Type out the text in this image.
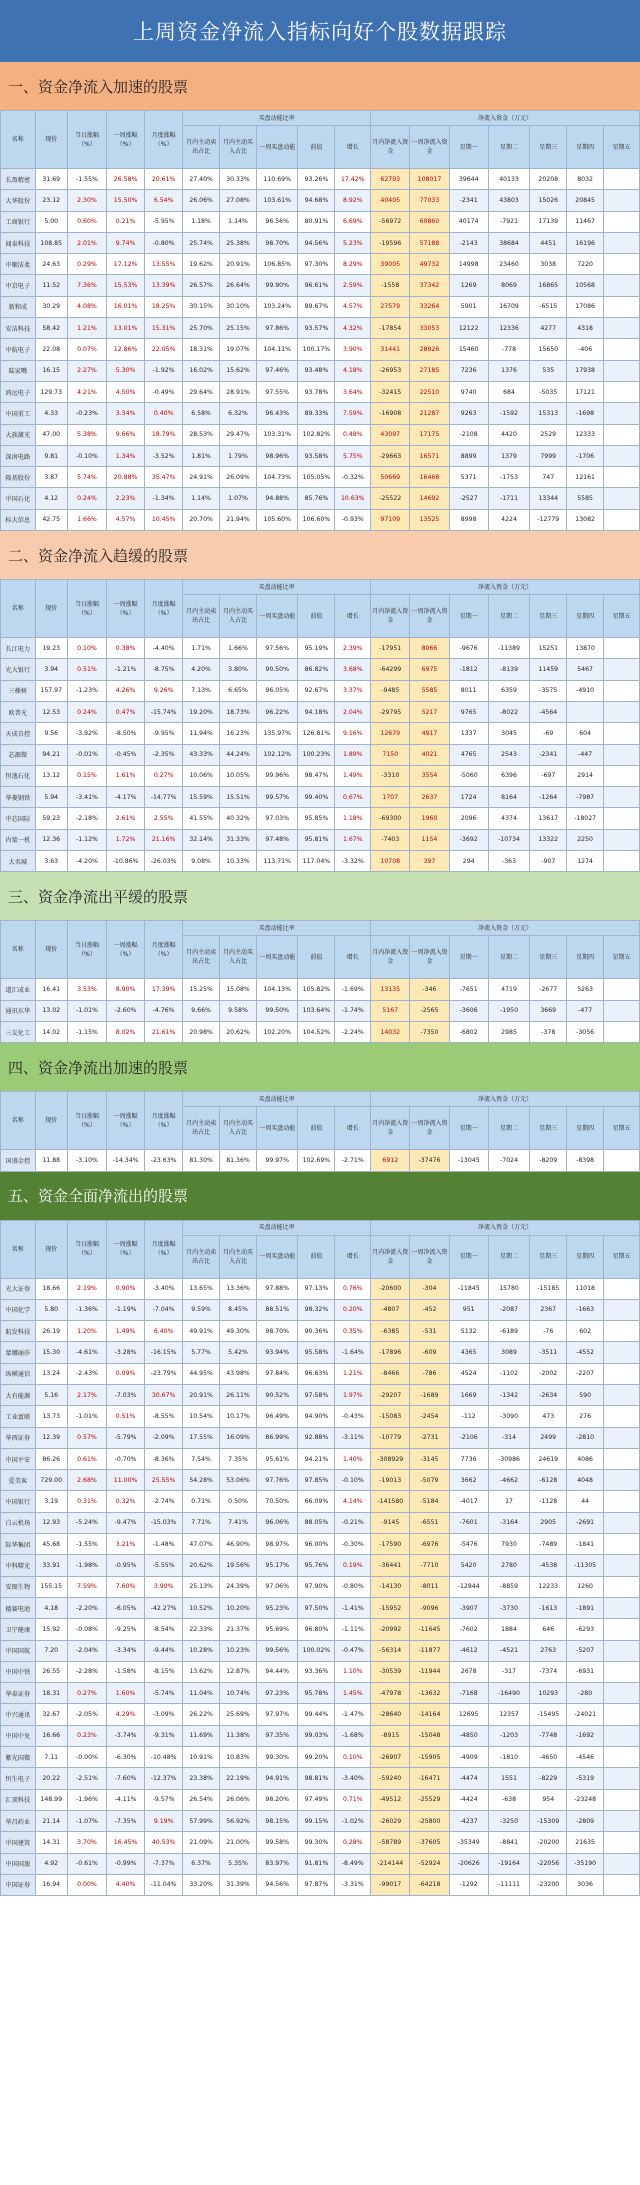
上周资金净流入指标向好个股数据跟踪
一、资金净流入加速的股票
名称	现价	当日涨幅（%）	一周涨幅（%）	月度涨幅（%）	买盘动能比率					净流入资金（万元）						
					月内主动卖出占比	月内主动买入占比	一周买盘动能	前值	增长	月内净流入资金	一周净流入资金	星期一	星期二	星期三	星期四	星期五
长盈精密	31.69	-1.55%	26.58%	20.61%	27.40%	30.33%	110.69%	93.26%	17.42%	62793	108017	39644	40133	20208	8032	
大华股份	23.12	2.30%	15.50%	6.54%	26.06%	27.08%	103.61%	94.68%	8.92%	40405	77033	-2341	43803	15026	20845	
工商银行	5.00	0.60%	0.21%	-5.95%	1.18%	1.14%	96.56%	80.91%	6.69%	-56972	60860	40174	-7921	17139	11467	
闻泰科技	108.85	2.01%	9.74%	-0.80%	25.74%	25.38%	98.70%	94.56%	5.23%	-19596	57188	-2143	38684	4451	16196	
中顺洁柔	24.63	0.29%	17.12%	13.55%	19.62%	20.91%	106.85%	97.30%	8.29%	39005	49732	14998	23460	3038	7220	
中京电子	11.52	7.36%	15.53%	13.39%	26.57%	26.64%	99.90%	96.61%	2.59%	-1558	37342	1269	8069	16865	10568	
新和成	30.29	4.08%	16.01%	18.25%	30.15%	30.10%	103.24%	89.67%	4.57%	27579	33264	5901	16709	-6515	17086	
安洁科技	58.42	1.21%	13.01%	15.31%	25.70%	25.15%	97.86%	93.57%	4.32%	-17854	33053	12122	12336	4277	4318	
中航电子	22.08	0.07%	12.86%	22.05%	18.31%	19.07%	104.11%	100.17%	3.90%	31441	28926	15460	-778	15650	-406	
陆家嘴	16.15	2.27%	5.30%	-1.92%	16.02%	15.62%	97.46%	93.48%	4.18%	-26953	27185	7236	1376	535	17938	
鸿远电子	129.73	4.21%	4.50%	-0.49%	29.64%	28.91%	97.55%	93.78%	3.64%	-32415	22510	9740	684	-5035	17121	
中国重工	4.33	-0.23%	3.34%	0.40%	6.58%	6.32%	96.43%	89.33%	7.59%	-16908	21287	9263	-1592	15313	-1698	
大族激光	47.00	5.38%	9.66%	18.79%	28.53%	29.47%	103.31%	102.82%	0.48%	43097	17175	-2108	4420	2529	12333	
深南电路	9.81	-0.10%	1.34%	-3.52%	1.81%	1.79%	98.96%	93.58%	5.75%	-29663	16571	8899	1379	7999	-1706	
隆基股份	3.87	5.74%	20.88%	35.47%	24.91%	26.09%	104.73%	105.05%	-0.32%	50669	16468	5371	-1753	747	12161	
中国石化	4.12	0.24%	2.23%	-1.34%	1.14%	1.07%	94.88%	85.76%	10.63%	-25522	14692	-2527	-1711	13344	5585	
标大信息	42.75	1.66%	4.57%	10.45%	20.70%	21.94%	105.60%	106.60%	-0.93%	97109	13525	8998	4224	-12779	13082	
二、资金净流入趋缓的股票
名称	现价	当日涨幅（%）	一周涨幅（%）	月度涨幅（%）	买盘动能比率					净流入资金（万元）						
					月内主动卖出占比	月内主动买入占比	一周买盘动能	前值	增长	月内净流入资金	一周净流入资金	星期一	星期二	星期三	星期四	星期五
长江电力	19.23	0.10%	0.38%	-4.40%	1.71%	1.66%	97.56%	95.19%	2.39%	-17951	8066	-9676	-11389	15251	13870	
光大银行	3.94	0.51%	-1.21%	-8.75%	4.20%	3.80%	90.50%	86.82%	3.68%	-64299	6975	-1812	-8139	11459	5467	
三棵树	157.97	-1.23%	4.26%	9.26%	7.13%	6.65%	96.05%	92.67%	3.37%	-9485	5585	8011	6359	-3575	-4910	
欧普光	12.53	0.24%	0.47%	-15.74%	19.20%	18.73%	96.22%	94.18%	2.04%	-29795	5217	9765	-8022	-4564		
天成自控	9.56	-3.92%	-8.50%	-9.95%	11.94%	16.23%	135.97%	126.81%	9.16%	12679	4917	1337	3045	-69	604	
芯源微	94.21	-0.01%	-0.45%	-2.35%	43.33%	44.24%	102.12%	100.23%	1.89%	7150	4021	4765	2543	-2341	-447	
恒逸石化	13.12	0.15%	1.61%	0.27%	10.06%	10.05%	99.96%	98.47%	1.49%	-3310	3554	-5060	6396	-697	2914	
华菱钢铁	5.94	-3.41%	-4.17%	-14.77%	15.59%	15.51%	99.57%	99.40%	0.67%	1707	2637	1724	8164	-1264	-7987	
中芯国际	59.23	-2.18%	2.61%	2.55%	41.55%	40.32%	97.03%	95.85%	1.18%	-69300	1960	2096	4374	13617	-18027	
内蒙一机	12.36	-1.12%	1.72%	21.16%	32.14%	31.33%	97.48%	95.81%	1.67%	-7403	1154	-3692	-10734	13322	2250	
大名城	3.63	-4.20%	-10.86%	-26.03%	9.08%	10.33%	113.71%	117.04%	-3.32%	10708	397	294	-363	-907	1274	
三、资金净流出平缓的股票
名称	现价	当日涨幅（%）	一周涨幅（%）	月度涨幅（%）	买盘动能比率					净流入资金（万元）						
					月内主动卖出占比	月内主动买入占比	一周买盘动能	前值	增长	月内净流入资金	一周净流入资金	星期一	星期二	星期三	星期四	星期五
道汇成业	16.41	3.53%	8.90%	17.39%	15.25%	15.08%	104.13%	105.82%	-1.69%	13135	-346	-7651	4719	-2677	5263	
通讯东华	13.02	-1.01%	-2.60%	-4.76%	9.66%	9.58%	99.50%	103.64%	-1.74%	5167	-2565	-3606	-1950	3669	-477	
三友化工	14.02	-1.15%	8.02%	21.61%	20.98%	20.62%	102.20%	104.52%	-2.24%	14032	-7350	-6802	2985	-378	-3056	
四、资金净流出加速的股票
名称	现价	当日涨幅（%）	一周涨幅（%）	月度涨幅（%）	买盘动能比率					净流入资金（万元）						
					月内主动卖出占比	月内主动买入占比	一周买盘动能	前值	增长	月内净流入资金	一周净流入资金	星期一	星期二	星期三	星期四	星期五
国盛金控	11.88	-3.10%	-14.34%	-23.63%	81.30%	81.36%	99.97%	102.69%	-2.71%	6912	-37476	-13045	-7024	-8209	-8398	
五、资金全面净流出的股票
名称	现价	当日涨幅（%）	一周涨幅（%）	月度涨幅（%）	买盘动能比率					净流入资金（万元）						
					月内主动卖出占比	月内主动买入占比	一周买盘动能	前值	增长	月内净流入资金	一周净流入资金	星期一	星期二	星期三	星期四	星期五
光大证券	18.66	2.19%	0.90%	-3.40%	13.65%	13.36%	97.88%	97.13%	0.76%	-20600	-304	-11845	15780	-15185	11018	
中国化学	5.80	-1.36%	-1.19%	-7.04%	9.59%	8.45%	88.51%	98.32%	0.20%	-4807	-452	951	-2087	2367	-1663	
航发科技	26.19	1.20%	1.49%	6.40%	49.91%	49.30%	98.70%	90.36%	0.35%	-6385	-531	5132	-6189	-76	602	
蒙娜丽莎	15.30	-4.61%	-3.28%	-16.15%	5.77%	5.42%	93.94%	95.58%	-1.64%	-17896	-609	4365	3089	-3511	-4552	
纵横通信	13.24	-2.43%	0.09%	-23.79%	44.95%	43.98%	97.84%	96.63%	1.21%	-8466	-786	4524	-1102	-2002	-2207	
大有能源	5.16	2.17%	-7.03%	30.67%	20.91%	26.11%	90.52%	97.58%	1.97%	-29207	-1689	1669	-1342	-2634	590	
工业富联	13.73	-1.01%	0.51%	-8.55%	10.54%	10.17%	96.49%	94.90%	-0.43%	-15083	-2454	-112	-3090	473	276	
华西证券	12.39	0.57%	-5.79%	-2.09%	17.55%	16.09%	86.99%	92.88%	-3.11%	-10779	-2731	-2106	-314	2499	-2810	
中国平安	86.26	0.61%	-0.70%	-8.36%	7.54%	7.35%	95.61%	94.21%	1.40%	-308929	-3145	7736	-30986	24619	4086	
爱美客	729.00	2.68%	11.00%	25.55%	54.28%	53.06%	97.76%	97.85%	-0.10%	-19013	-5079	3662	-4662	-6128	4048	
中国银行	3.19	0.31%	0.32%	-2.74%	0.71%	0.50%	70.50%	66.09%	4.14%	-141580	-5184	-4017	17	-1128	44	
白云机场	12.93	-5.24%	-9.47%	-15.03%	7.71%	7.41%	96.06%	88.05%	-0.21%	-9145	-6551	-7601	-3164	2905	-2691	
际华集团	45.68	-1.55%	3.21%	-1.48%	47.07%	46.90%	98.97%	96.00%	-0.30%	-17590	-6976	-5476	7930	-7489	-1841	
中科曙光	33.91	-1.98%	-0.95%	-5.55%	20.62%	19.56%	95.17%	95.76%	0.19%	-36441	-7710	5420	2780	-4538	-11305	
安图生物	155.15	7.59%	7.60%	3.90%	25.13%	24.39%	97.06%	97.90%	-0.80%	-14130	-8011	-12844	-8859	12233	1260	
德赛电池	4.18	-2.20%	-6.05%	-42.27%	10.52%	10.20%	95.23%	97.50%	-1.41%	-15952	-9096	-3907	-3730	-1613	-1891	
卫宁健康	15.92	-0.08%	-9.25%	-8.54%	22.33%	21.37%	95.69%	96.80%	-1.11%	-20992	-11645	-7602	1884	646	-6293	
中国国航	7.20	-2.04%	-3.34%	-9.44%	10.28%	10.23%	99.56%	100.02%	-0.47%	-56314	-11877	-4612	-4521	2763	-5207	
中国中铁	26.55	-2.28%	-1.58%	-8.15%	13.62%	12.87%	94.44%	93.36%	1.10%	-30539	-11944	2678	-317	-7374	-6931	
华泰证券	18.31	0.27%	1.60%	-5.74%	11.04%	10.74%	97.23%	95.78%	1.45%	-47978	-13632	-7168	-16490	10293	-280	
中兴通讯	32.67	-2.05%	4.29%	-3.09%	26.22%	25.69%	97.97%	99.44%	-1.47%	-28640	-14164	12695	12357	-15495	-24021	
中国中免	16.66	0.23%	-3.74%	-9.31%	11.69%	11.38%	97.35%	99.03%	-1.68%	-8915	-15048	-4850	-1203	-7748	-1692	
紫光国微	7.11	-0.00%	-6.30%	-10.48%	10.91%	10.83%	99.30%	99.20%	0.10%	-26907	-15905	-4909	-1810	-4650	-4546	
恒生电子	20.22	-2.51%	-7.60%	-12.37%	23.38%	22.19%	94.91%	98.81%	-3.40%	-59240	-16471	-4474	1551	-8229	-5319	
汇顶科技	148.99	-1.96%	-4.11%	-9.57%	26.54%	26.06%	98.20%	97.49%	0.71%	-49512	-25529	-4424	-638	954	-23248	
华昌药业	21.14	-1.07%	-7.35%	9.19%	57.99%	56.92%	98.15%	99.15%	-1.02%	-26029	-25800	-4237	-3250	-15309	-2809	
中国建筑	14.31	3.70%	16.45%	40.53%	21.09%	21.00%	99.58%	99.30%	0.28%	-58789	-37605	-35349	-8841	-20200	21635	
中国国旅	4.92	-0.61%	-0.99%	-7.37%	6.37%	5.35%	83.97%	91.81%	-8.49%	-214144	-52924	-20626	-19164	-22056	-35190	
中国证券	16.94	0.00%	4.40%	-11.04%	33.20%	31.39%	94.56%	97.87%	-3.31%	-99017	-64218	-1292	-11111	-23200	3036	
